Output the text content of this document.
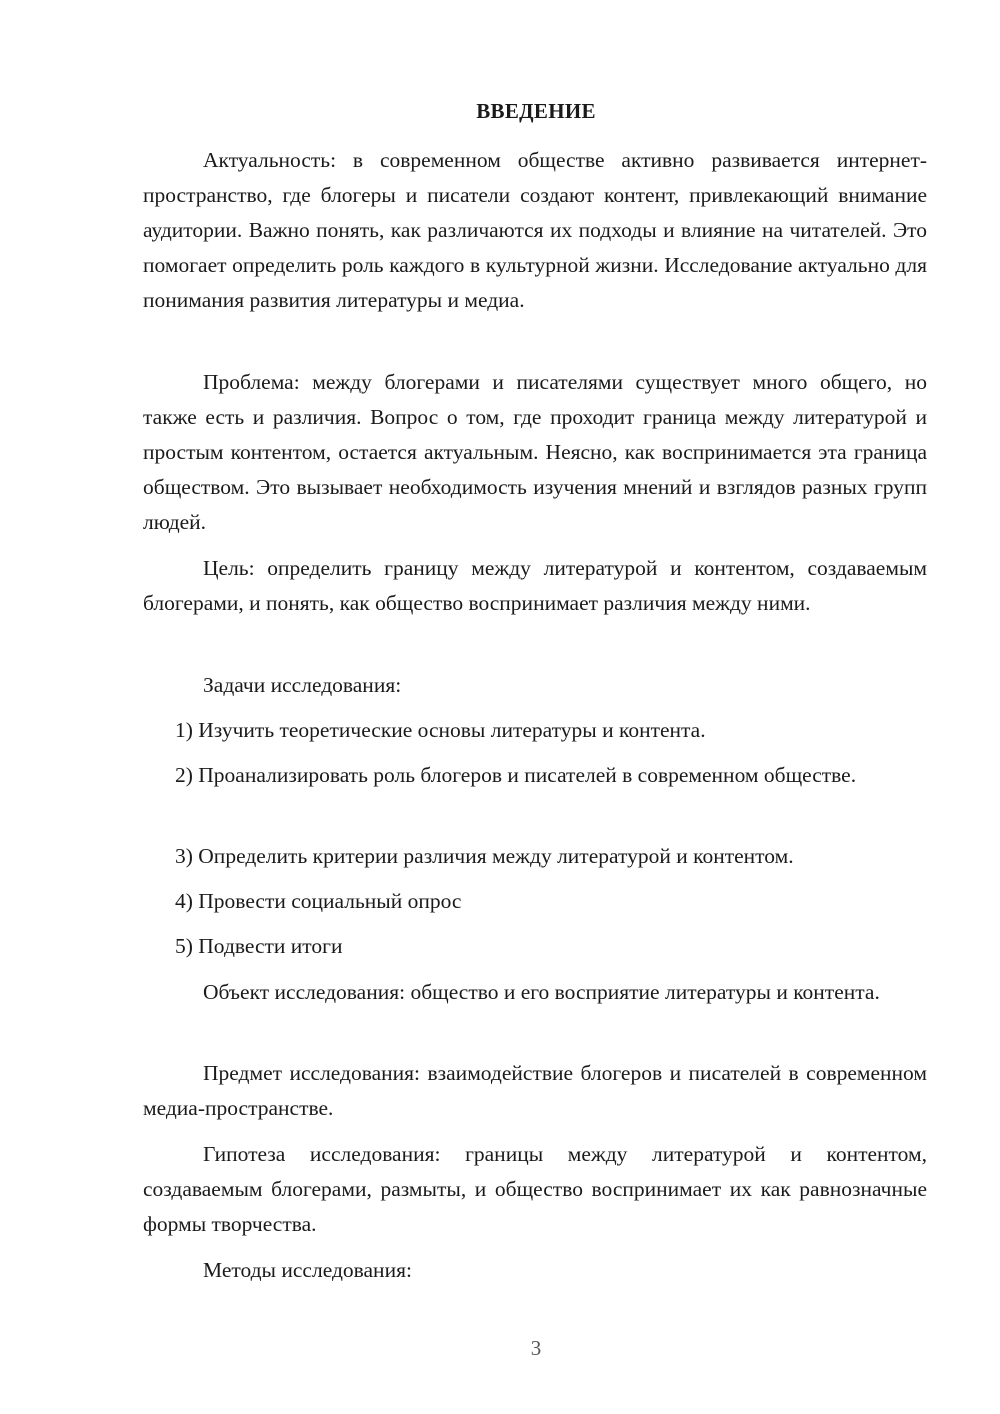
ВВЕДЕНИЕ

Актуальность: в современном обществе активно развивается интернет-пространство, где блогеры и писатели создают контент, привлекающий внимание аудитории. Важно понять, как различаются их подходы и влияние на читателей. Это помогает определить роль каждого в культурной жизни. Исследование актуально для понимания развития литературы и медиа.

Проблема: между блогерами и писателями существует много общего, но также есть и различия. Вопрос о том, где проходит граница между литературой и простым контентом, остается актуальным. Неясно, как воспринимается эта граница обществом. Это вызывает необходимость изучения мнений и взглядов разных групп людей.

Цель: определить границу между литературой и контентом, создаваемым блогерами, и понять, как общество воспринимает различия между ними.

Задачи исследования:

1) Изучить теоретические основы литературы и контента.

2) Проанализировать роль блогеров и писателей в современном обществе.

3) Определить критерии различия между литературой и контентом.

4) Провести социальный опрос

5) Подвести итоги

Объект исследования: общество и его восприятие литературы и контента.

Предмет исследования: взаимодействие блогеров и писателей в современном медиа-пространстве.

Гипотеза исследования: границы между литературой и контентом, создаваемым блогерами, размыты, и общество воспринимает их как равнозначные формы творчества.

Методы исследования:

3
